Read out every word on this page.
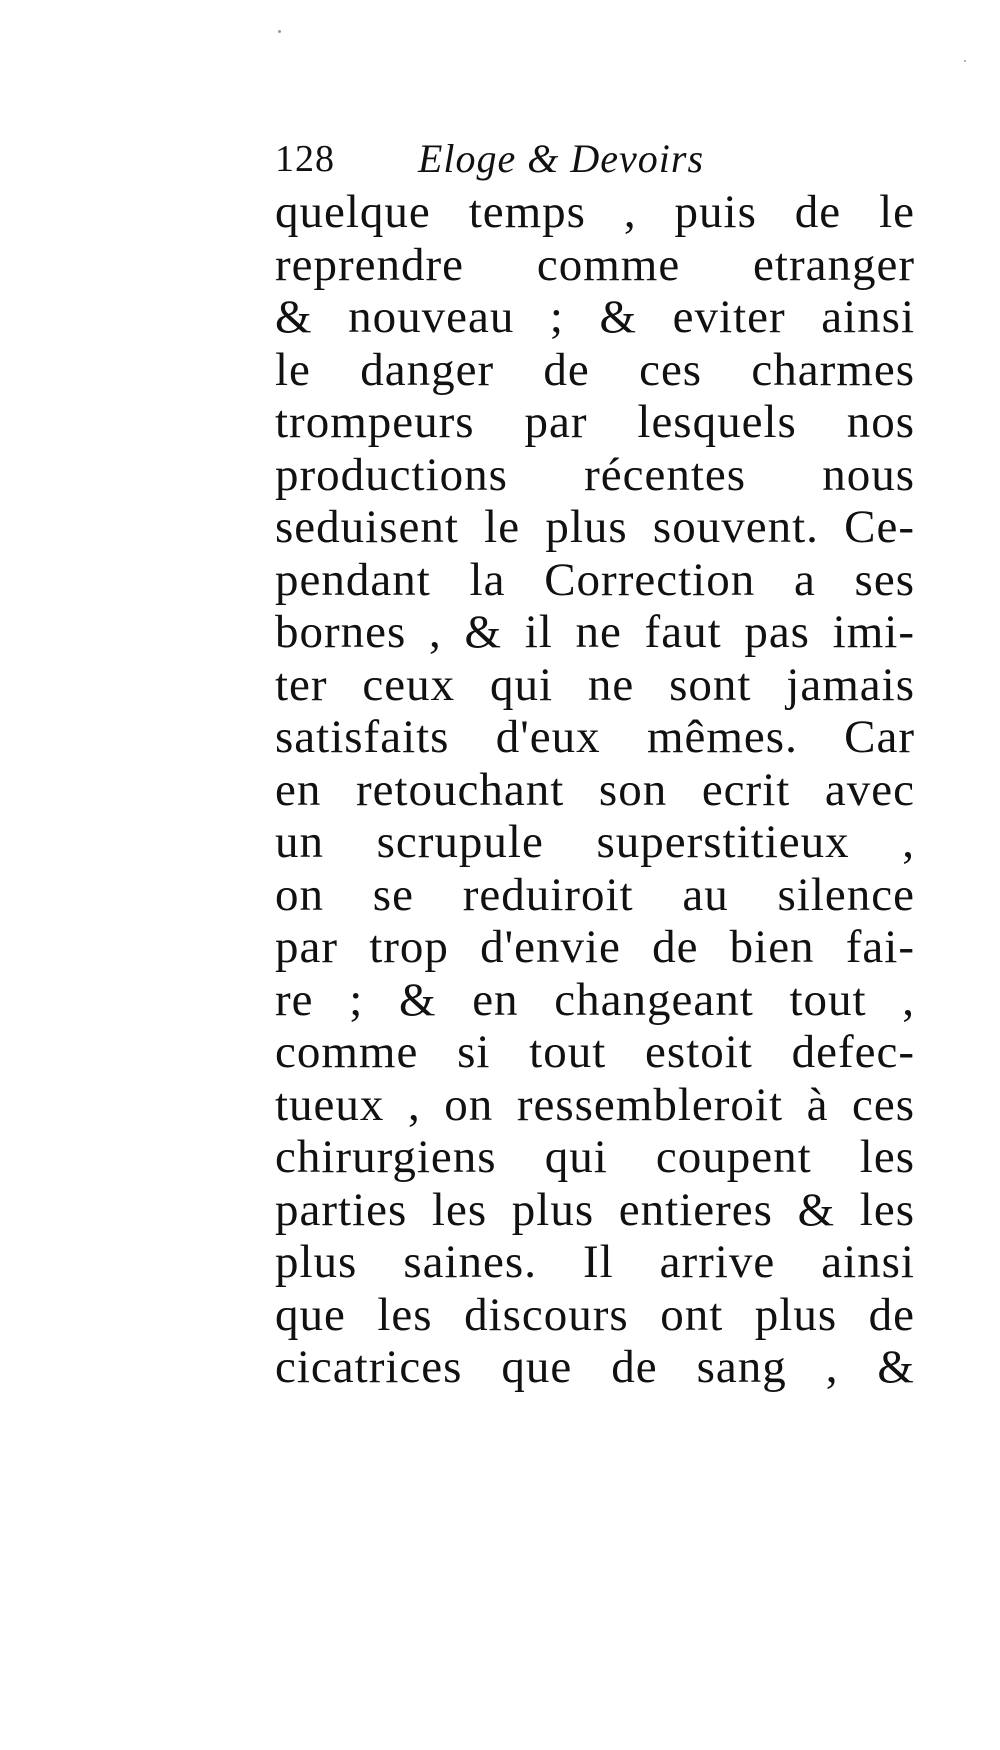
128 Eloge & Devoirs
quelque temps , puis de le
reprendre comme etranger
& nouveau ; & eviter ainsi
le danger de ces charmes
trompeurs par lesquels nos
productions récentes nous
seduisent le plus souvent. Ce-
pendant la Correction a ses
bornes , & il ne faut pas imi-
ter ceux qui ne sont jamais
satisfaits d'eux mêmes. Car
en retouchant son ecrit avec
un scrupule superstitieux ,
on se reduiroit au silence
par trop d'envie de bien fai-
re ; & en changeant tout ,
comme si tout estoit defec-
tueux , on ressembleroit à ces
chirurgiens qui coupent les
parties les plus entieres & les
plus saines. Il arrive ainsi
que les discours ont plus de
cicatrices que de sang , &
